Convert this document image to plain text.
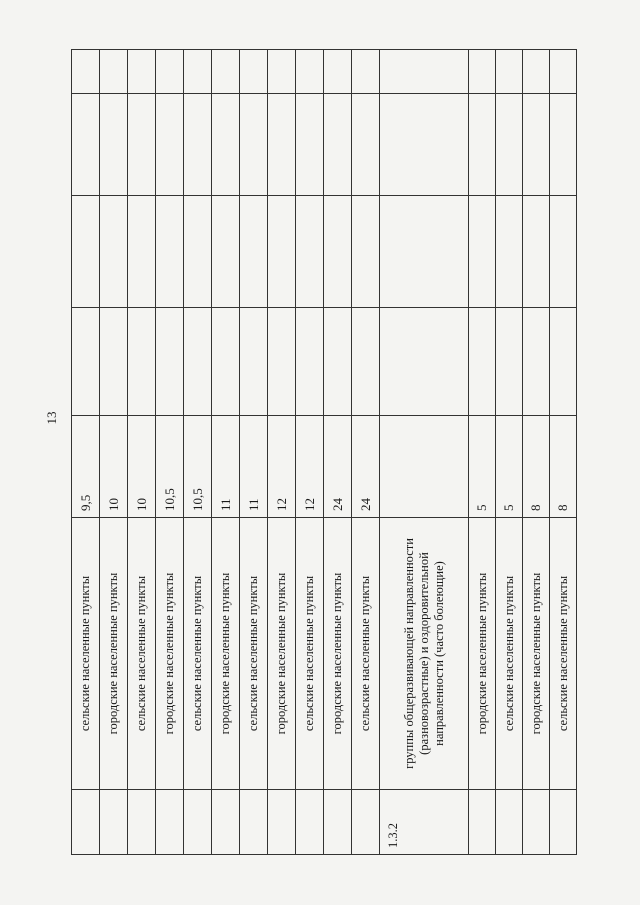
13
	сельские населенные пункты	9,5				
	городские населенные пункты	10				
	сельские населенные пункты	10				
	городские населенные пункты	10,5				
	сельские населенные пункты	10,5				
	городские населенные пункты	11				
	сельские населенные пункты	11				
	городские населенные пункты	12				
	сельские населенные пункты	12				
	городские населенные пункты	24				
	сельские населенные пункты	24				
1.3.2	группы общеразвивающей направленности (разновозрастные) и оздоровительной направленности (часто болеющие)					
	городские населенные пункты	5				
	сельские населенные пункты	5				
	городские населенные пункты	8				
	сельские населенные пункты	8				
